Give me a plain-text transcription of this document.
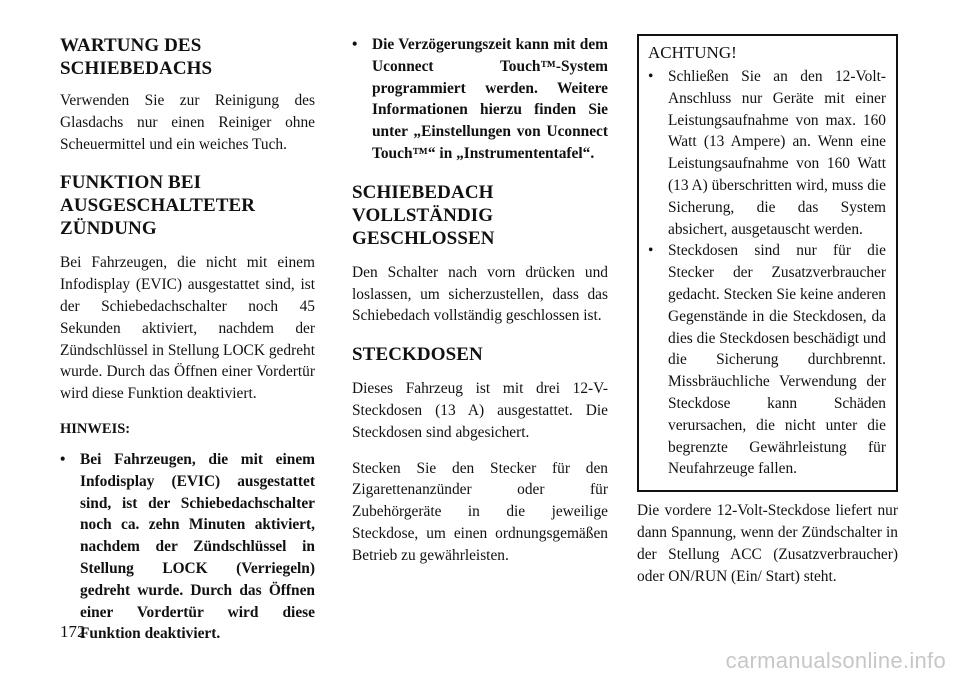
WARTUNG DES SCHIEBEDACHS

Verwenden Sie zur Reinigung des Glasdachs nur einen Reiniger ohne Scheuermittel und ein weiches Tuch.

FUNKTION BEI AUSGESCHALTETER ZÜNDUNG

Bei Fahrzeugen, die nicht mit einem Infodisplay (EVIC) ausgestattet sind, ist der Schiebedachschalter noch 45 Sekunden aktiviert, nachdem der Zündschlüssel in Stellung LOCK gedreht wurde. Durch das Öffnen einer Vordertür wird diese Funktion deaktiviert.

HINWEIS:
• Bei Fahrzeugen, die mit einem Infodisplay (EVIC) ausgestattet sind, ist der Schiebedachschalter noch ca. zehn Minuten aktiviert, nachdem der Zündschlüssel in Stellung LOCK (Verriegeln) gedreht wurde. Durch das Öffnen einer Vordertür wird diese Funktion deaktiviert.
• Die Verzögerungszeit kann mit dem Uconnect Touch™-System programmiert werden. Weitere Informationen hierzu finden Sie unter „Einstellungen von Uconnect Touch™“ in „Instrumententafel“.
SCHIEBEDACH VOLLSTÄNDIG GESCHLOSSEN

Den Schalter nach vorn drücken und loslassen, um sicherzustellen, dass das Schiebedach vollständig geschlossen ist.

STECKDOSEN

Dieses Fahrzeug ist mit drei 12-V-Steckdosen (13 A) ausgestattet. Die Steckdosen sind abgesichert.

Stecken Sie den Stecker für den Zigarettenanzünder oder für Zubehörgeräte in die jeweilige Steckdose, um einen ordnungsgemäßen Betrieb zu gewährleisten.

ACHTUNG!
• Schließen Sie an den 12-Volt-Anschluss nur Geräte mit einer Leistungsaufnahme von max. 160 Watt (13 Ampere) an. Wenn eine Leistungsaufnahme von 160 Watt (13 A) überschritten wird, muss die Sicherung, die das System absichert, ausgetauscht werden.
• Steckdosen sind nur für die Stecker der Zusatzverbraucher gedacht. Stecken Sie keine anderen Gegenstände in die Steckdosen, da dies die Steckdosen beschädigt und die Sicherung durchbrennt. Missbräuchliche Verwendung der Steckdose kann Schäden verursachen, die nicht unter die begrenzte Gewährleistung für Neufahrzeuge fallen.

Die vordere 12-Volt-Steckdose liefert nur dann Spannung, wenn der Zündschalter in der Stellung ACC (Zusatzverbraucher) oder ON/RUN (Ein/ Start) steht.

172
carmanualsonline.info
